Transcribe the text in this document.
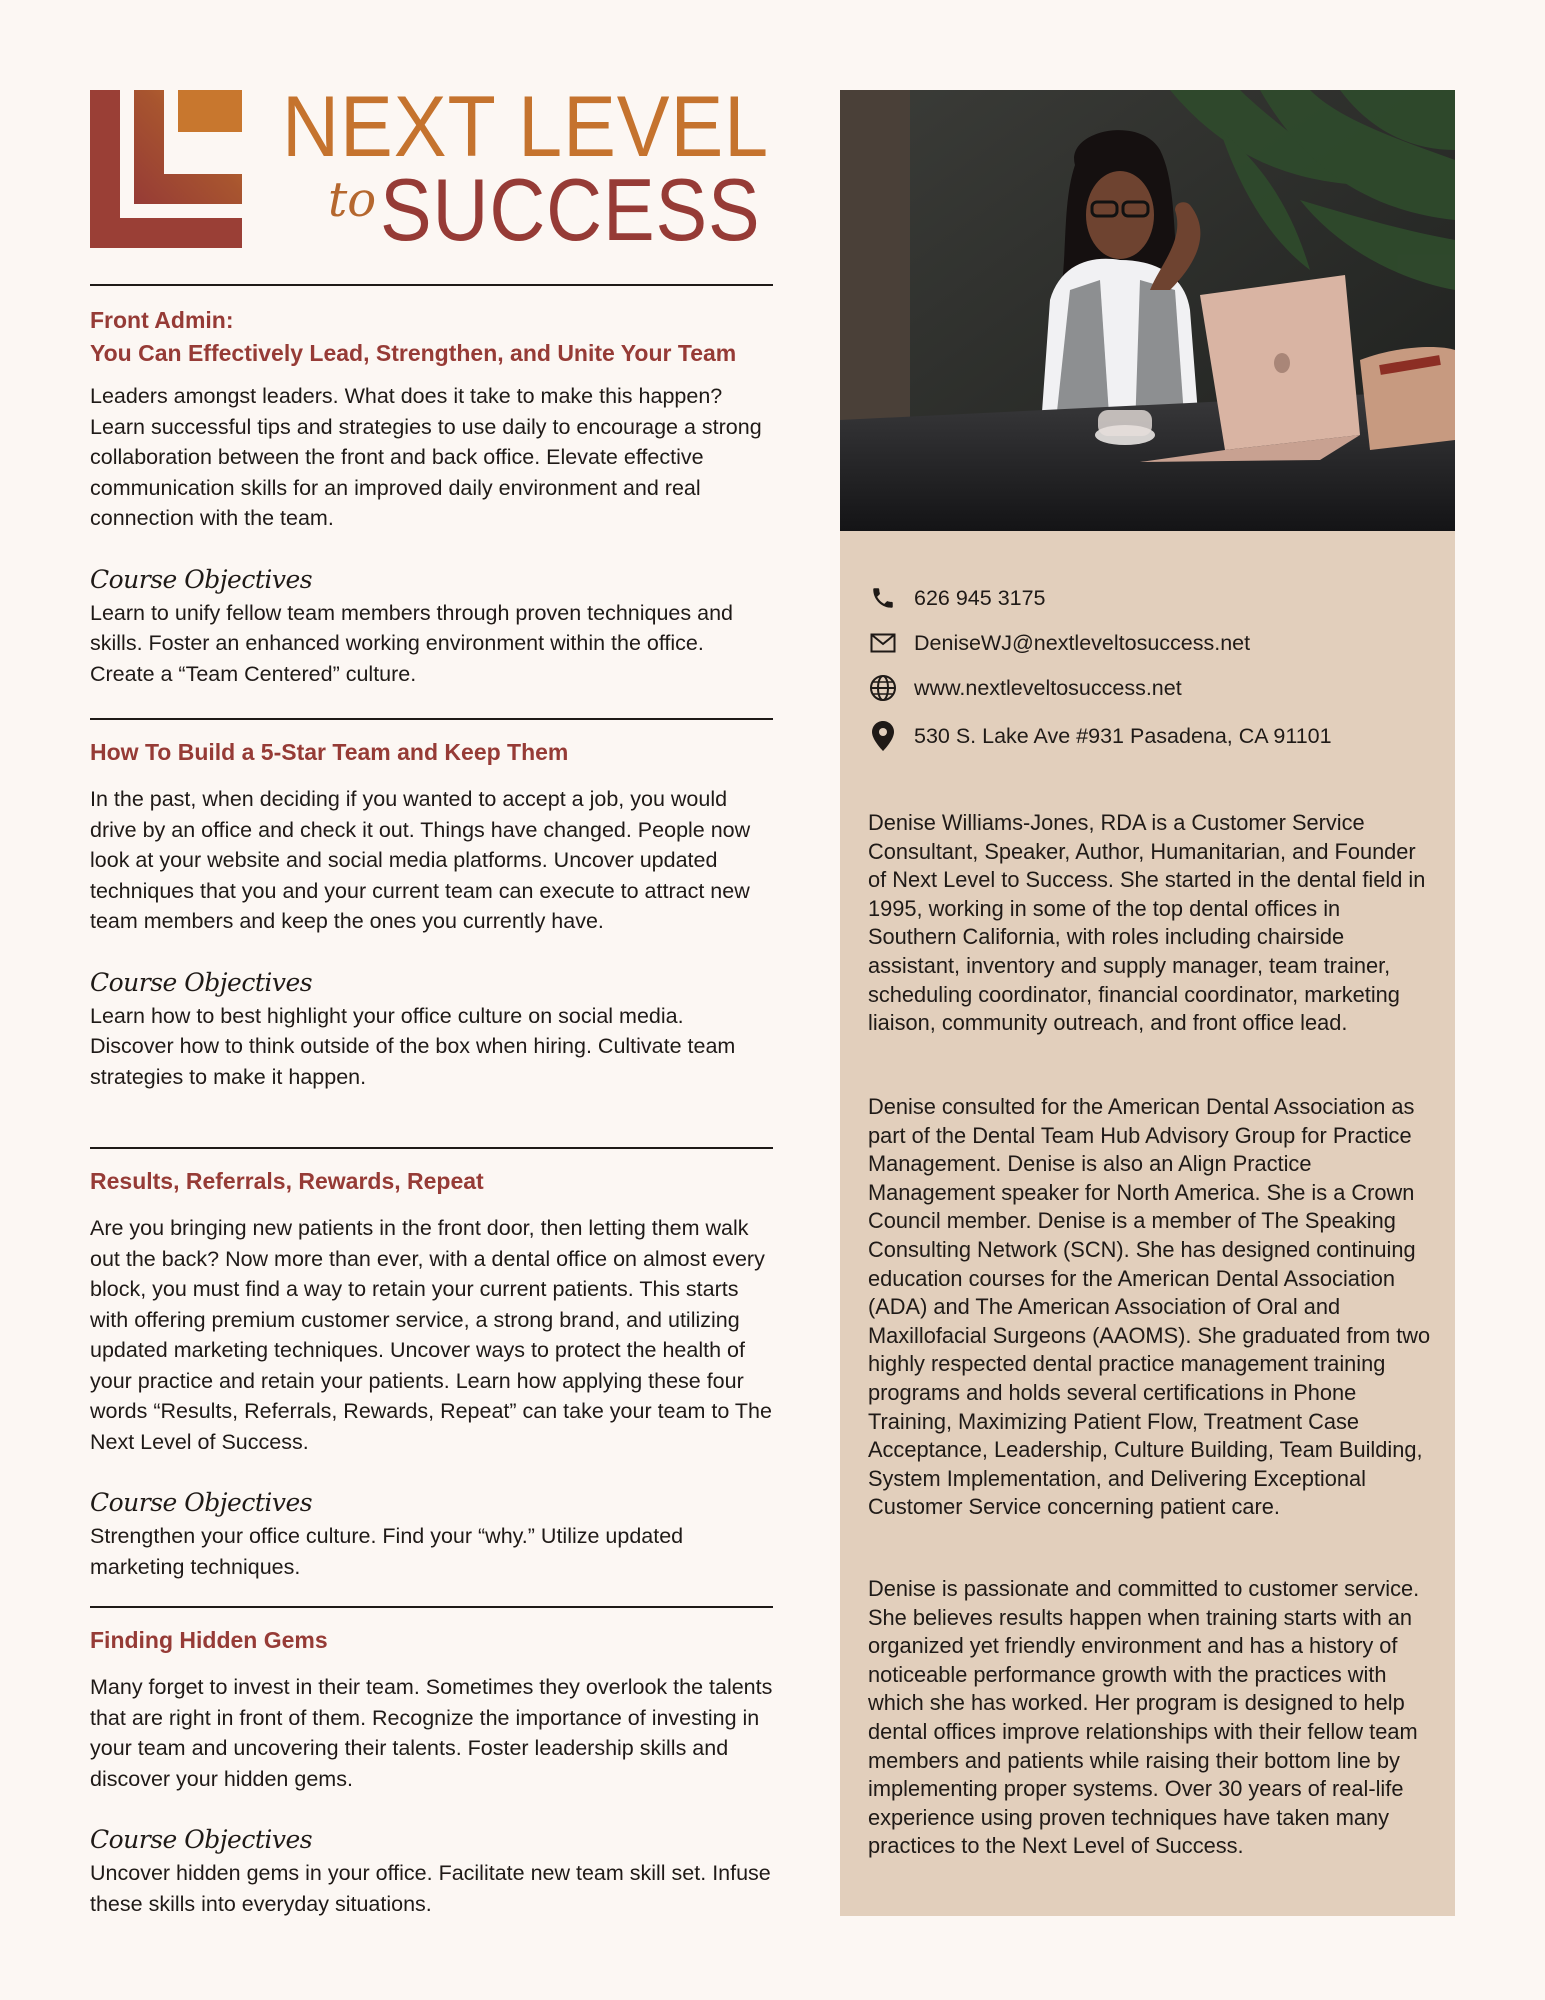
NEXT LEVEL
to SUCCESS

Front Admin:

You Can Effectively Lead, Strengthen, and Unite Your Team

Leaders amongst leaders. What does it take to make this happen? Learn successful tips and strategies to use daily to encourage a strong collaboration between the front and back office. Elevate effective communication skills for an improved daily environment and real connection with the team.

Course Objectives

Learn to unify fellow team members through proven techniques and skills. Foster an enhanced working environment within the office. Create a “Team Centered” culture.

How To Build a 5-Star Team and Keep Them

In the past, when deciding if you wanted to accept a job, you would drive by an office and check it out. Things have changed. People now look at your website and social media platforms. Uncover updated techniques that you and your current team can execute to attract new team members and keep the ones you currently have.

Course Objectives

Learn how to best highlight your office culture on social media. Discover how to think outside of the box when hiring. Cultivate team strategies to make it happen.

Results, Referrals, Rewards, Repeat

Are you bringing new patients in the front door, then letting them walk out the back? Now more than ever, with a dental office on almost every block, you must find a way to retain your current patients. This starts with offering premium customer service, a strong brand, and utilizing updated marketing techniques. Uncover ways to protect the health of your practice and retain your patients. Learn how applying these four words “Results, Referrals, Rewards, Repeat” can take your team to The Next Level of Success.

Course Objectives

Strengthen your office culture. Find your “why.” Utilize updated marketing techniques.

Finding Hidden Gems

Many forget to invest in their team. Sometimes they overlook the talents that are right in front of them. Recognize the importance of investing in your team and uncovering their talents. Foster leadership skills and discover your hidden gems.

Course Objectives

Uncover hidden gems in your office. Facilitate new team skill set. Infuse these skills into everyday situations.

626 945 3175
DeniseWJ@nextleveltosuccess.net
www.nextleveltosuccess.net
530 S. Lake Ave #931 Pasadena, CA 91101

Denise Williams-Jones, RDA is a Customer Service Consultant, Speaker, Author, Humanitarian, and Founder of Next Level to Success. She started in the dental field in 1995, working in some of the top dental offices in Southern California, with roles including chairside assistant, inventory and supply manager, team trainer, scheduling coordinator, financial coordinator, marketing liaison, community outreach, and front office lead.

Denise consulted for the American Dental Association as part of the Dental Team Hub Advisory Group for Practice Management. Denise is also an Align Practice Management speaker for North America. She is a Crown Council member. Denise is a member of The Speaking Consulting Network (SCN). She has designed continuing education courses for the American Dental Association (ADA) and The American Association of Oral and Maxillofacial Surgeons (AAOMS). She graduated from two highly respected dental practice management training programs and holds several certifications in Phone Training, Maximizing Patient Flow, Treatment Case Acceptance, Leadership, Culture Building, Team Building, System Implementation, and Delivering Exceptional Customer Service concerning patient care.

Denise is passionate and committed to customer service. She believes results happen when training starts with an organized yet friendly environment and has a history of noticeable performance growth with the practices with which she has worked. Her program is designed to help dental offices improve relationships with their fellow team members and patients while raising their bottom line by implementing proper systems. Over 30 years of real-life experience using proven techniques have taken many practices to the Next Level of Success.
